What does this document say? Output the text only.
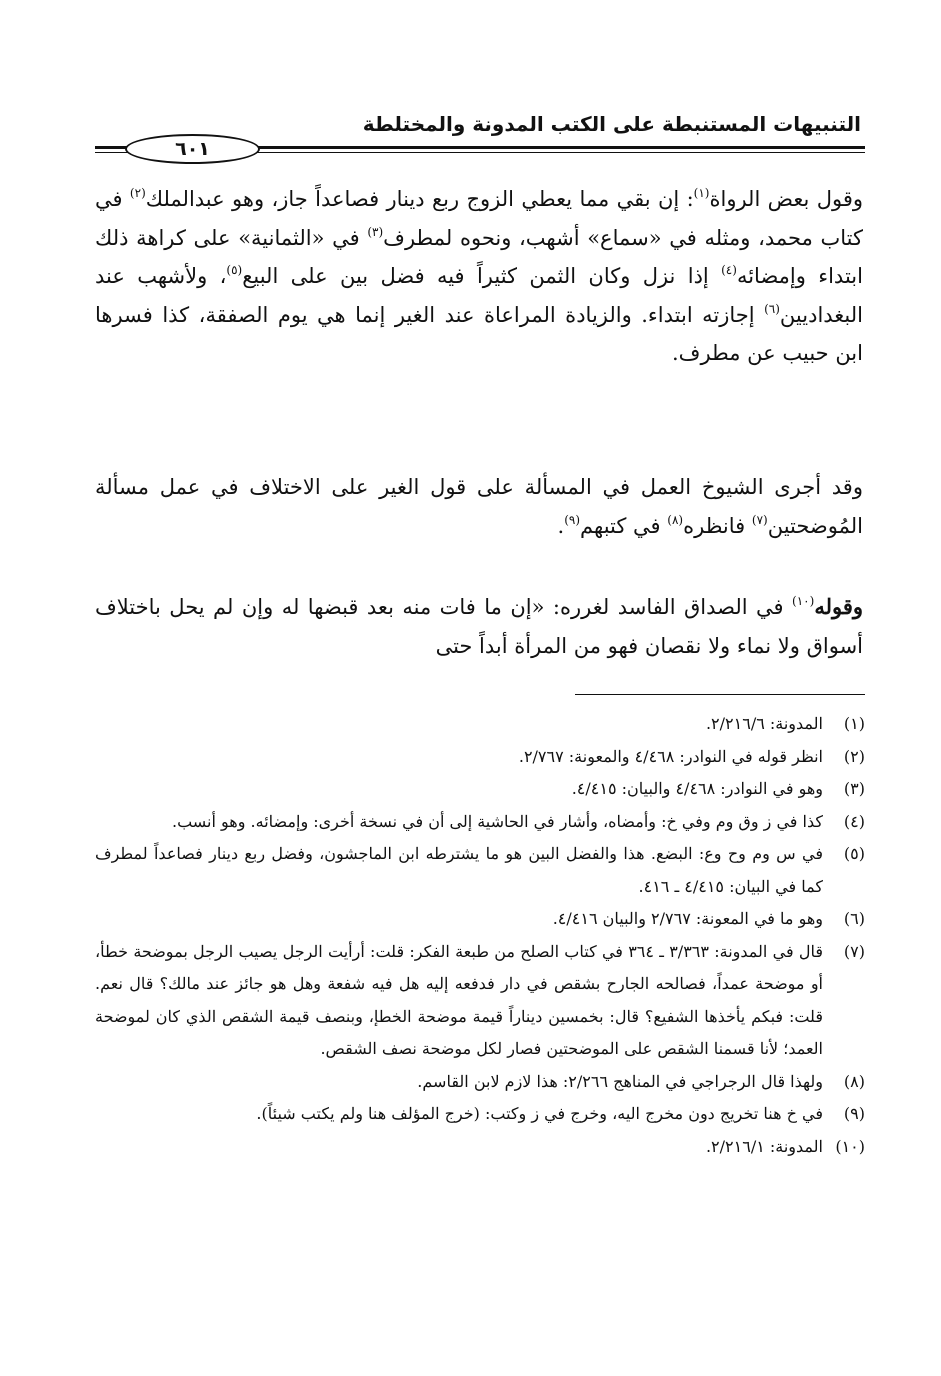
التنبيهات المستنبطة على الكتب المدونة والمختلطة
٦٠١

وقول بعض الرواة$^{(١)}$: إن بقي مما يعطي الزوج ربع دينار فصاعداً جاز، وهو عبدالملك$^{(٢)}$ في كتاب محمد، ومثله في «سماع» أشهب، ونحوه لمطرف$^{(٣)}$ في «الثمانية» على كراهة ذلك ابتداء وإمضائه$^{(٤)}$ إذا نزل وكان الثمن كثيراً فيه فضل بين على البيع$^{(٥)}$، ولأشهب عند البغداديين$^{(٦)}$ إجازته ابتداء. والزيادة المراعاة عند الغير إنما هي يوم الصفقة، كذا فسرها ابن حبيب عن مطرف.

وقد أجرى الشيوخ العمل في المسألة على قول الغير على الاختلاف في عمل مسألة المُوضحتين$^{(٧)}$ فانظره$^{(٨)}$ في كتبهم$^{(٩)}$.

وقوله$^{(١٠)}$ في الصداق الفاسد لغرره: «إن ما فات منه بعد قبضها له وإن لم يحل باختلاف أسواق ولا نماء ولا نقصان فهو من المرأة أبداً حتى

(١)
المدونة: ٢/٢١٦/٦.
(٢)
انظر قوله في النوادر: ٤/٤٦٨ والمعونة: ٢/٧٦٧.
(٣)
وهو في النوادر: ٤/٤٦٨ والبيان: ٤/٤١٥.
(٤)
كذا في ز وق وم وفي خ: وأمضاه، وأشار في الحاشية إلى أن في نسخة أخرى: وإمضائه. وهو أنسب.
(٥)
في س وم وح وع: البضع. هذا والفضل البين هو ما يشترطه ابن الماجشون، وفضل ربع دينار فصاعداً لمطرف كما في البيان: ٤/٤١٥ ـ ٤١٦.
(٦)
وهو ما في المعونة: ٢/٧٦٧ والبيان ٤/٤١٦.
(٧)
قال في المدونة: ٣/٣٦٣ ـ ٣٦٤ في كتاب الصلح من طبعة الفكر: قلت: أرأيت الرجل يصيب الرجل بموضحة خطأ، أو موضحة عمداً، فصالحه الجارح بشقص في دار فدفعه إليه هل فيه شفعة وهل هو جائز عند مالك؟ قال نعم. قلت: فبكم يأخذها الشفيع؟ قال: بخمسين ديناراً قيمة موضحة الخطإ، وبنصف قيمة الشقص الذي كان لموضحة العمد؛ لأنا قسمنا الشقص على الموضحتين فصار لكل موضحة نصف الشقص.
(٨)
ولهذا قال الرجراجي في المناهج ٢/٢٦٦: هذا لازم لابن القاسم.
(٩)
في خ هنا تخريج دون مخرج اليه، وخرج في ز وكتب: (خرج المؤلف هنا ولم يكتب شيئاً).
(١٠)
المدونة: ٢/٢١٦/١.
